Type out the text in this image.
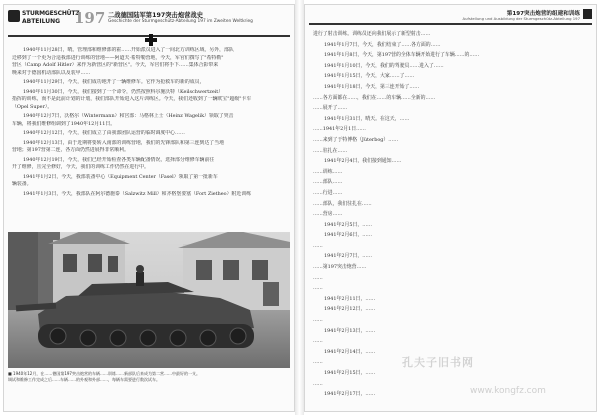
STURMGESCHÜTZ
ABTEILUNG 197 二战德国陆军第197突击炮营战史
Geschichte der Sturmgeschütz-Abteilung 197 im Zweiten Weltkrieg

1940年11月28日，晴。管理部和维修部的霍……开始派员进入了一间北方训练区域，另外，部队

迁移到了一个更为合适我部进行训练的营地——阿道夫·希特勒营地，今天，军官们撰写了"希特勒"

营区（Camp Adolf Hitler）来作为新营区的"新营区"。今天，军官们将手下……集体合影带来

晚来对于德国机动部队以及装甲……

1940年11月29日，今天，我们成功地开了一辆维修车。它作为抢救车的新的成员，

1940年11月30日，今天，我们接到了一个命令，仍然按照科尔施沃特（Keilschwertzeit）

指挥的训练，而不是此前计划的计划，我们部队开始进入这片训练区。今天，我们还收到了一辆欧宝"超级"卡车

（Opel Super）。

1940年12月7日，沃格尔（Wintermann）和宫部：马格林上士（Heinz Wagelik）领取了突击

车辆，将我们维修组调到了1940年12月11日。

1940年12月12日，今天，我们成立了由我部团队运营的临时调度中心……

1940年12月13日，由于近期将要转入南部的训练营地，我们的先锋部队和第三连到达了当地

营地；第197营第二连，各方面仍然进展得非常顺利。

1940年12月19日，今天，我们已经开始检查各类车辆配备情况，选择部分维修车辆前往

开了维修，且完全修好，今天，我们的训练工作仍然在进行中。

1941年1月2日，今天，我部装备中心（Equipment Center（Fasel）领取了第一批新车

辆装备。

1941年1月3日，今天，我部队在阿尔德施泰（Salzwitz Mill）和齐格堡要塞（Fort Zietheo）附近训练

■ 1940年12月，在……德国第197突击炮营的车辆……训练……新部队后来成为第二营……中最好的一支。
调试和维修工作完成之后……车辆……的外观和外部……，每辆车需要进行数次试车。
第197突击炮营的组建和训练
Aufstellung und Ausbildung der Sturmgeschütz-Abteilung 197

进行了射击训练。训练员还向我们展示了新型射击……

1941年1月7日，今天，我们结束了……各方面的……

1941年1月8日，今天，第197营的全体车辆开始进行了车辆……的……

1941年1月10日，今天，我们的驾驶员……进入了……

1941年1月15日，今天，大家……了……

1941年1月18日，今天，第三连开始了……

……各方面都在……，我们在……的车辆……全新的……

……展开了……

1941年1月31日，晴天。在这天，……

……1941年2月1日……

……来到了于特博格（Jüterbog）……

……驻扎在……

1941年2月4日，我们接到通知……

……训练……

……部队……

……行进……

……部队，我们驻扎在……

……营房……

1941年2月5日，……

1941年2月6日，……

……

1941年2月7日，……

……第197突击炮营……

……

……

1941年2月11日，……

1941年2月12日，……

……

1941年2月13日，……

……

1941年2月14日，……

……

1941年2月15日，……

……

1941年2月17日，……

孔夫子旧书网
www.kongfz.com
